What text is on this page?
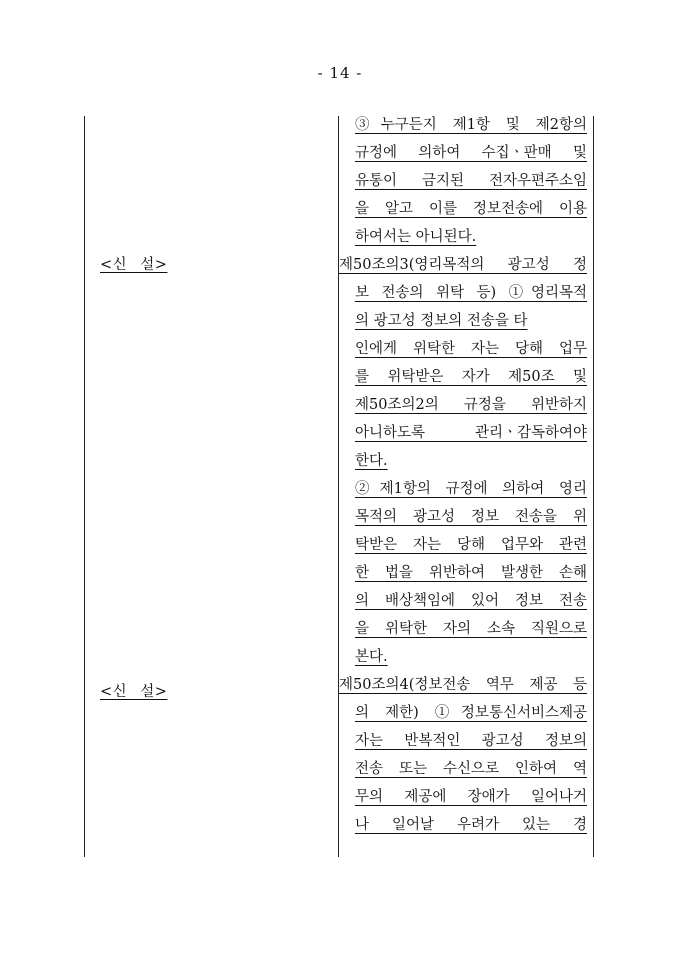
- 14 -
<신 설>
<신 설>
③누구든지 제1항 및 제2항의
규정에 의하여 수집ㆍ판매 및
유통이 금지된 전자우편주소임
을 알고 이를 정보전송에 이용
하여서는 아니된다.
제50조의3(영리목적의 광고성 정
보 전송의 위탁 등) ①영리목적
의 광고성 정보의 전송을 타
인에게 위탁한 자는 당해 업무
를 위탁받은 자가 제50조 및
제50조의2의 규정을 위반하지
아니하도록 관리ㆍ감독하여야
한다.
②제1항의 규정에 의하여 영리
목적의 광고성 정보 전송을 위
탁받은 자는 당해 업무와 관련
한 법을 위반하여 발생한 손해
의 배상책임에 있어 정보 전송
을 위탁한 자의 소속 직원으로
본다.
제50조의4(정보전송 역무 제공 등
의 제한) ①정보통신서비스제공
자는 반복적인 광고성 정보의
전송 또는 수신으로 인하여 역
무의 제공에 장애가 일어나거
나 일어날 우려가 있는 경
